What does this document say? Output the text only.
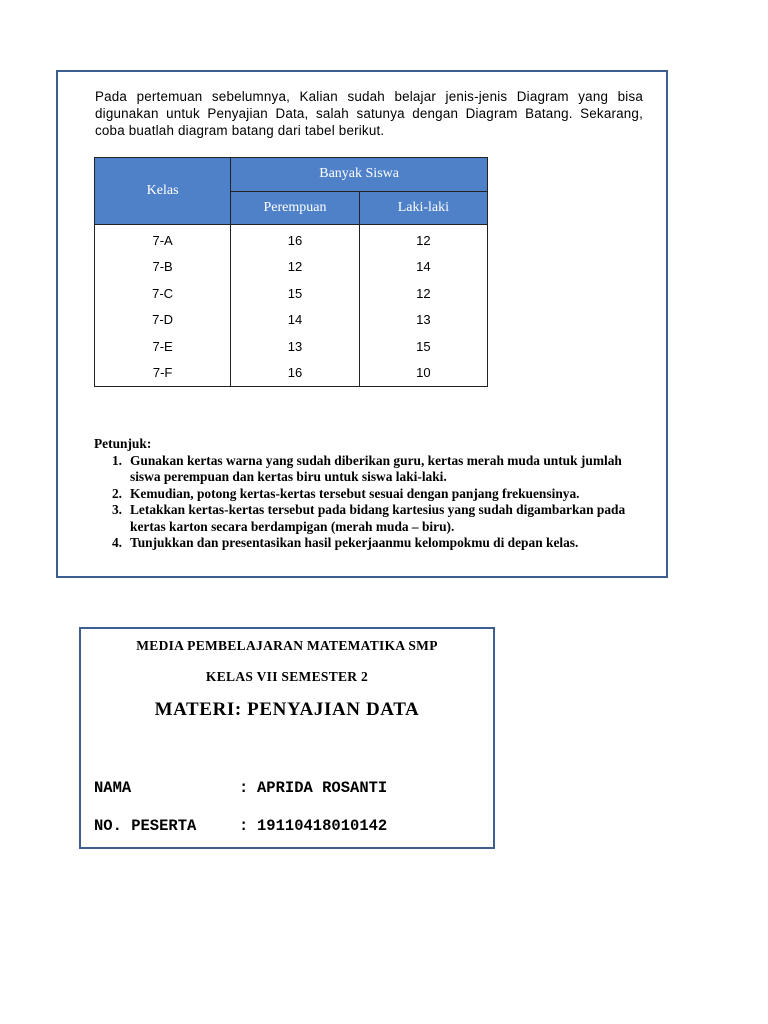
Pada pertemuan sebelumnya, Kalian sudah belajar jenis-jenis Diagram yang bisa digunakan untuk Penyajian Data, salah satunya dengan Diagram Batang. Sekarang, coba buatlah diagram batang dari tabel berikut.
Kelas	Banyak Siswa	
	Perempuan	Laki-laki
7-A	16	12
7-B	12	14
7-C	15	12
7-D	14	13
7-E	13	15
7-F	16	10
Petunjuk:
1. Gunakan kertas warna yang sudah diberikan guru, kertas merah muda untuk jumlah siswa perempuan dan kertas biru untuk siswa laki-laki.
2. Kemudian, potong kertas-kertas tersebut sesuai dengan panjang frekuensinya.
3. Letakkan kertas-kertas tersebut pada bidang kartesius yang sudah digambarkan pada kertas karton secara berdampigan (merah muda – biru).
4. Tunjukkan dan presentasikan hasil pekerjaanmu kelompokmu di depan kelas.
MEDIA PEMBELAJARAN MATEMATIKA SMP
KELAS VII SEMESTER 2
MATERI: PENYAJIAN DATA
NAMA	: APRIDA ROSANTI
NO. PESERTA	: 19110418010142
